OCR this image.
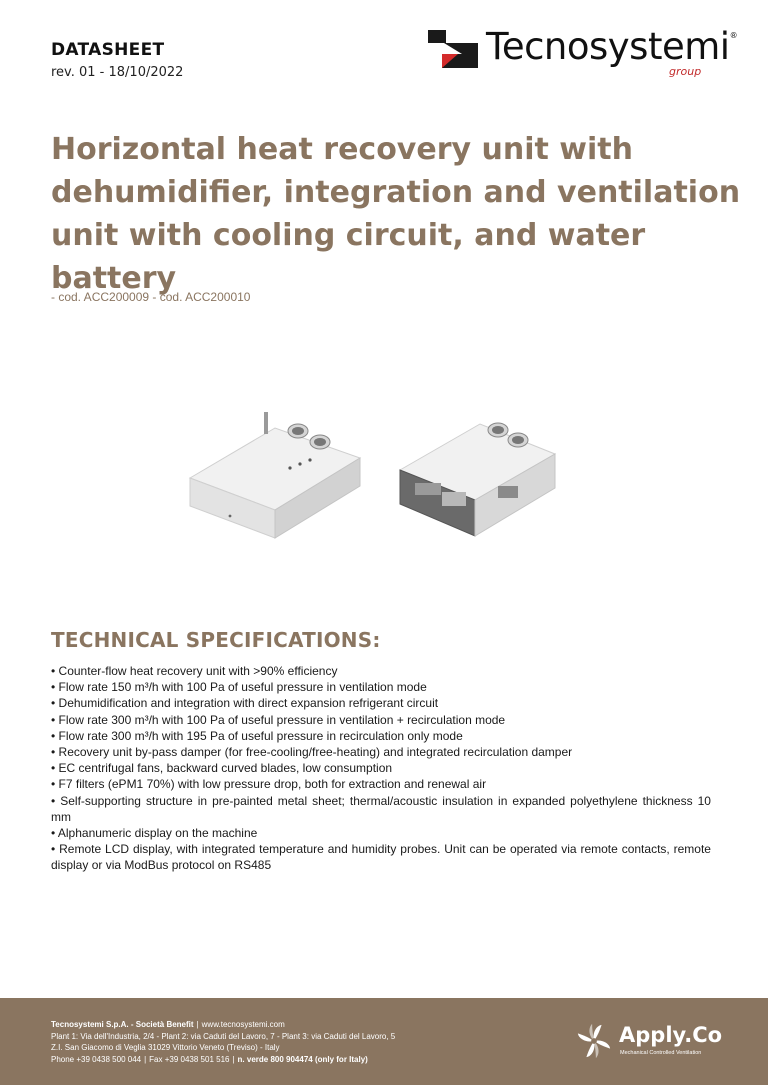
DATASHEET
rev. 01 - 18/10/2022
Tecnosystemi®
group
Horizontal heat recovery unit with dehumidifier, integration and ventilation unit with cooling circuit, and water battery
- cod. ACC200009 - cod. ACC200010
TECHNICAL SPECIFICATIONS:
• Counter-flow heat recovery unit with >90% efficiency
• Flow rate 150 m³/h with 100 Pa of useful pressure in ventilation mode
• Dehumidification and integration with direct expansion refrigerant circuit
• Flow rate 300 m³/h with 100 Pa of useful pressure in ventilation + recirculation mode
• Flow rate 300 m³/h with 195 Pa of useful pressure in recirculation only mode
• Recovery unit by-pass damper (for free-cooling/free-heating) and integrated recirculation damper
• EC centrifugal fans, backward curved blades, low consumption
• F7 filters (ePM1 70%) with low pressure drop, both for extraction and renewal air
• Self-supporting structure in pre-painted metal sheet; thermal/acoustic insulation in expanded polyethylene thickness 10 mm
• Alphanumeric display on the machine
• Remote LCD display, with integrated temperature and humidity probes. Unit can be operated via remote contacts, remote display or via ModBus protocol on RS485
Tecnosystemi S.p.A. - Società Benefit | www.tecnosystemi.com
Plant 1: Via dell'Industria, 2/4 - Plant 2: via Caduti del Lavoro, 7 - Plant 3: via Caduti del Lavoro, 5
Z.I. San Giacomo di Veglia 31029 Vittorio Veneto (Treviso) - Italy
Phone +39 0438 500 044 | Fax +39 0438 501 516 | n. verde 800 904474 (only for Italy)
Apply.Co
Mechanical Controlled Ventilation
